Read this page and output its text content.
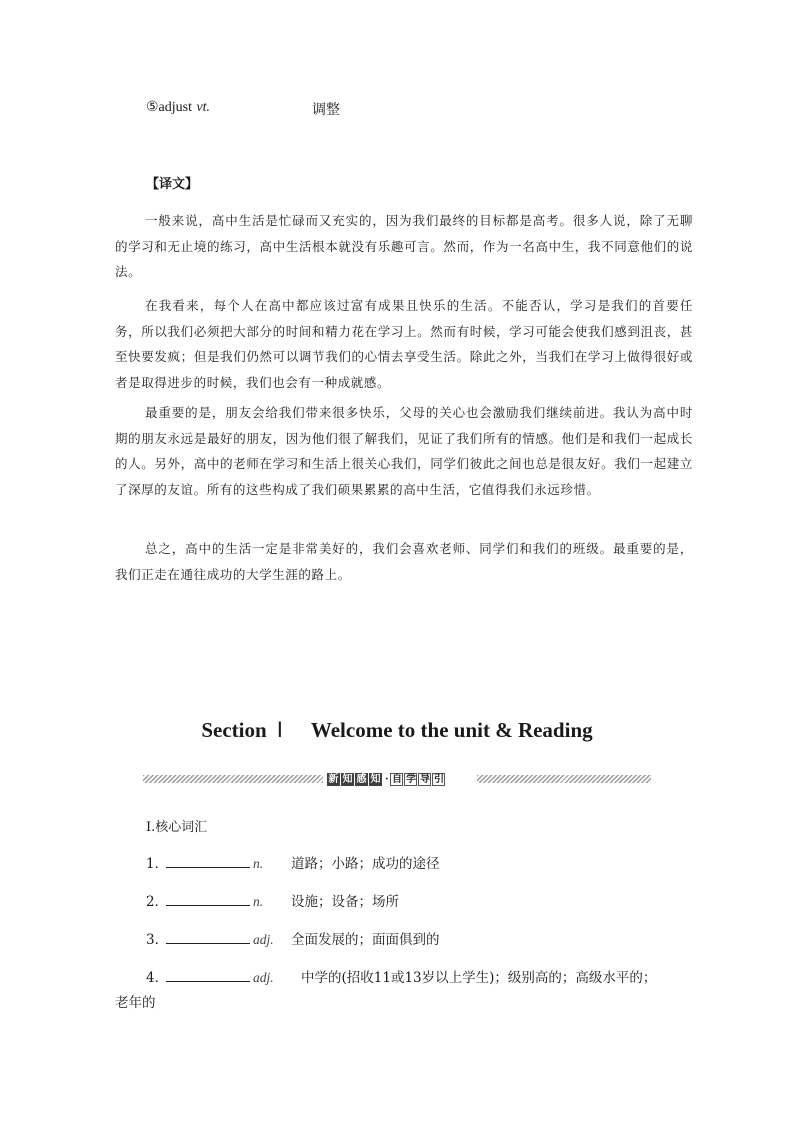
⑤adjust vt.	调整
【译文】
一般来说，高中生活是忙碌而又充实的，因为我们最终的目标都是高考。很多人说，除了无聊的学习和无止境的练习，高中生活根本就没有乐趣可言。然而，作为一名高中生，我不同意他们的说法。
在我看来，每个人在高中都应该过富有成果且快乐的生活。不能否认，学习是我们的首要任务，所以我们必须把大部分的时间和精力花在学习上。然而有时候，学习可能会使我们感到沮丧，甚至快要发疯；但是我们仍然可以调节我们的心情去享受生活。除此之外，当我们在学习上做得很好或者是取得进步的时候，我们也会有一种成就感。
最重要的是，朋友会给我们带来很多快乐，父母的关心也会激励我们继续前进。我认为高中时期的朋友永远是最好的朋友，因为他们很了解我们，见证了我们所有的情感。他们是和我们一起成长的人。另外，高中的老师在学习和生活上很关心我们，同学们彼此之间也总是很友好。我们一起建立了深厚的友谊。所有的这些构成了我们硕果累累的高中生活，它值得我们永远珍惜。
总之，高中的生活一定是非常美好的，我们会喜欢老师、同学们和我们的班级。最重要的是，我们正走在通往成功的大学生涯的路上。
Section Ⅰ Welcome to the unit & Reading
新 知 感 知 · 自 学 导 引
Ⅰ.核心词汇
1．	n. 道路；小路；成功的途径
2．	n. 设施；设备；场所
3．	adj. 全面发展的；面面俱到的
4．	adj. 中学的(招收11或13岁以上学生)；级别高的；高级水平的；
老年的
